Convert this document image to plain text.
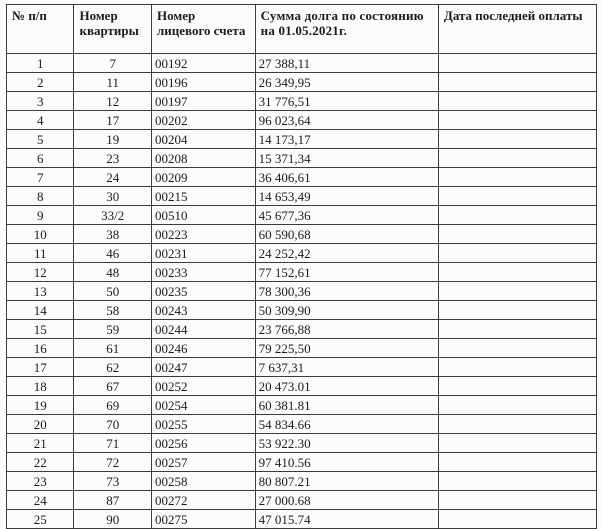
№ п/п	Номер квартиры	Номер лицевого счета	Сумма долга по состоянию на 01.05.2021г.	Дата последней оплаты
1	7	00192	27 388,11	
2	11	00196	26 349,95	
3	12	00197	31 776,51	
4	17	00202	96 023,64	
5	19	00204	14 173,17	
6	23	00208	15 371,34	
7	24	00209	36 406,61	
8	30	00215	14 653,49	
9	33/2	00510	45 677,36	
10	38	00223	60 590,68	
11	46	00231	24 252,42	
12	48	00233	77 152,61	
13	50	00235	78 300,36	
14	58	00243	50 309,90	
15	59	00244	23 766,88	
16	61	00246	79 225,50	
17	62	00247	7 637,31	
18	67	00252	20 473.01	
19	69	00254	60 381.81	
20	70	00255	54 834.66	
21	71	00256	53 922.30	
22	72	00257	97 410.56	
23	73	00258	80 807.21	
24	87	00272	27 000.68	
25	90	00275	47 015.74	
